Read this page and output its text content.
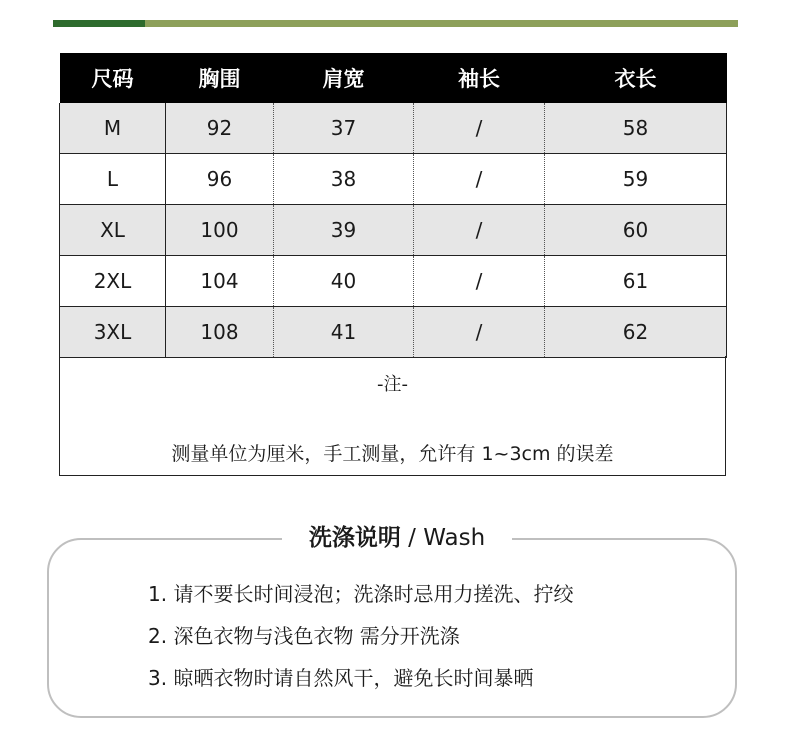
尺码	胸围	肩宽	袖长	衣长
M	92	37	/	58
L	96	38	/	59
XL	100	39	/	60
2XL	104	40	/	61
3XL	108	41	/	62
-注-
测量单位为厘米，手工测量，允许有 1~3cm 的误差
洗涤说明 / Wash
1. 请不要长时间浸泡；洗涤时忌用力搓洗、拧绞
2. 深色衣物与浅色衣物 需分开洗涤
3. 晾晒衣物时请自然风干，避免长时间暴晒
